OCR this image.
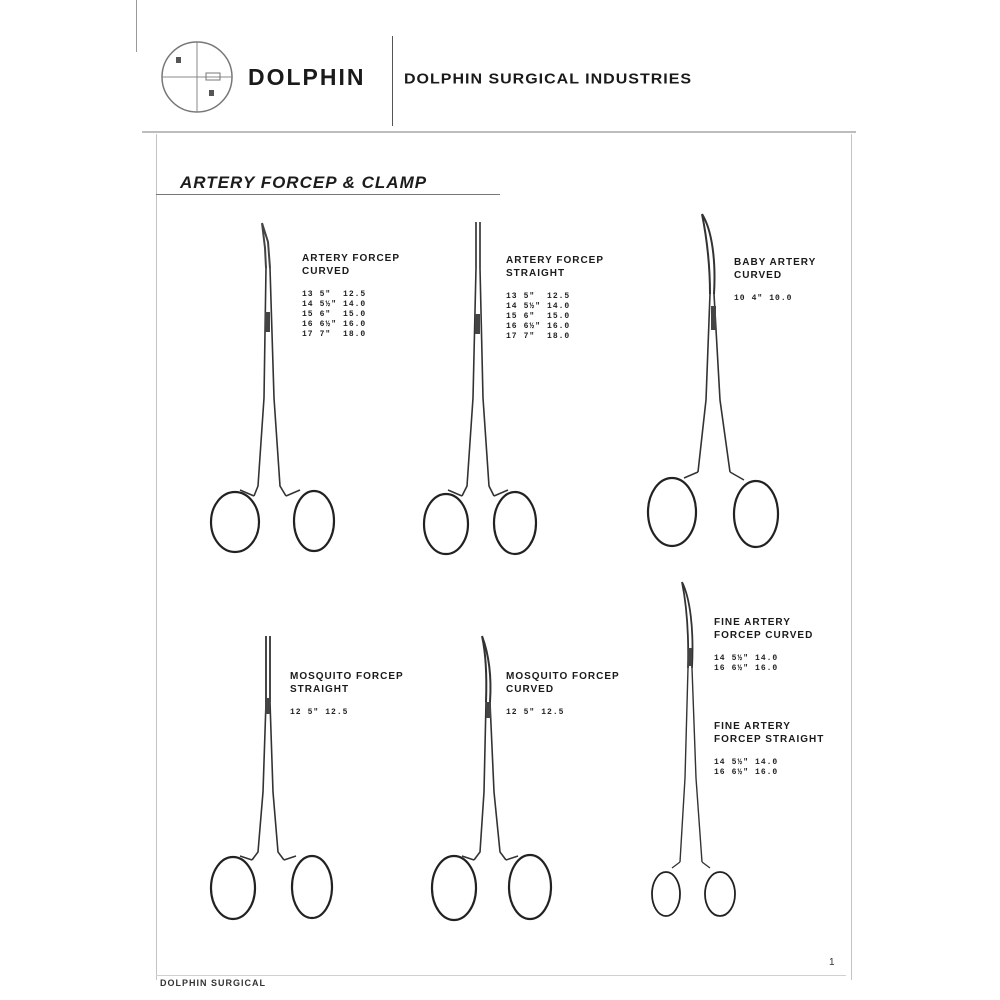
DOLPHIN DOLPHIN SURGICAL INDUSTRIES
ARTERY FORCEP & CLAMP
ARTERY FORCEP
CURVED
13	5"	12.5
14	5½"	14.0
15	6"	15.0
16	6½"	16.0
17	7"	18.0
ARTERY FORCEP
STRAIGHT
13	5"	12.5
14	5½"	14.0
15	6"	15.0
16	6½"	16.0
17	7"	18.0
BABY ARTERY
CURVED
10	4"	10.0
MOSQUITO FORCEP
STRAIGHT
12	5"	12.5
MOSQUITO FORCEP
CURVED
12	5"	12.5
FINE ARTERY
FORCEP CURVED
14	5½"	14.0
16	6½"	16.0
FINE ARTERY
FORCEP STRAIGHT
14	5½"	14.0
16	6½"	16.0
1
DOLPHIN SURGICAL
